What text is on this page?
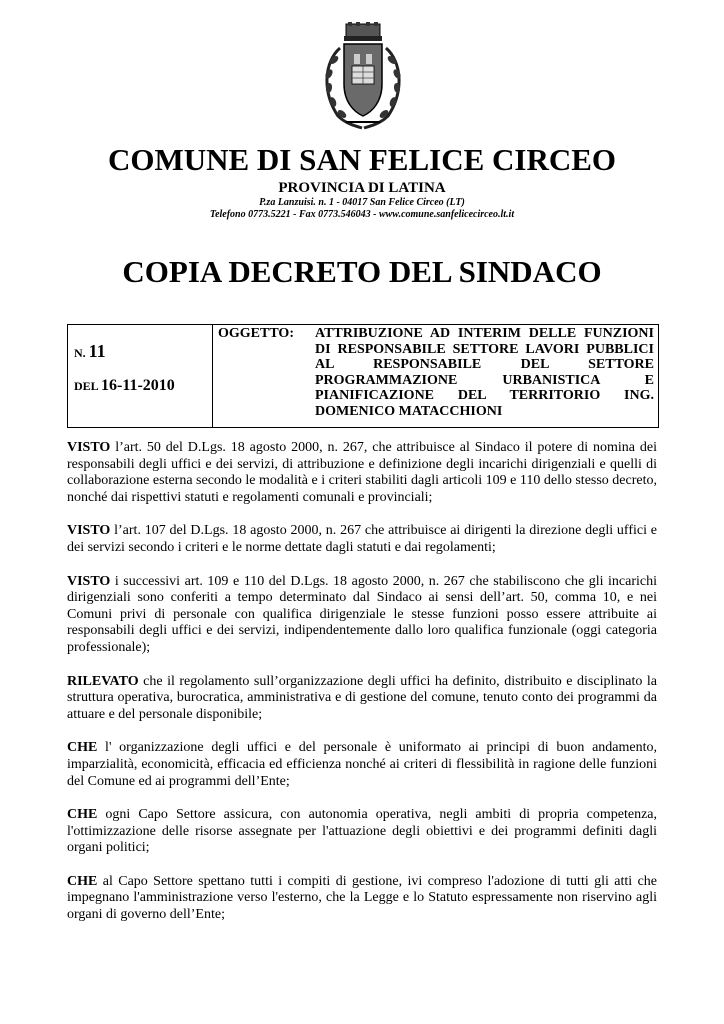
COMUNE DI SAN FELICE CIRCEO
PROVINCIA DI LATINA
P.za Lanzuisi. n. 1 - 04017 San Felice Circeo (LT)
Telefono 0773.5221 - Fax 0773.546043 - www.comune.sanfelicecirceo.lt.it
COPIA DECRETO DEL SINDACO
N. 11
DEL 16-11-2010
OGGETTO: ATTRIBUZIONE AD INTERIM DELLE FUNZIONI DI RESPONSABILE SETTORE LAVORI PUBBLICI AL RESPONSABILE DEL SETTORE PROGRAMMAZIONE URBANISTICA E PIANIFICAZIONE DEL TERRITORIO ING. DOMENICO MATACCHIONI

VISTO l’art. 50 del D.Lgs. 18 agosto 2000, n. 267, che attribuisce al Sindaco il potere di nomina dei responsabili degli uffici e dei servizi, di attribuzione e definizione degli incarichi dirigenziali e quelli di collaborazione esterna secondo le modalità e i criteri stabiliti dagli articoli 109 e 110 dello stesso decreto, nonché dai rispettivi statuti e regolamenti comunali e provinciali;

VISTO l’art. 107 del D.Lgs. 18 agosto 2000, n. 267 che attribuisce ai dirigenti la direzione degli uffici e dei servizi secondo i criteri e le norme dettate dagli statuti e dai regolamenti;

VISTO i successivi art. 109 e 110 del D.Lgs. 18 agosto 2000, n. 267 che stabiliscono che gli incarichi dirigenziali sono conferiti a tempo determinato dal Sindaco ai sensi dell’art. 50, comma 10, e nei Comuni privi di personale con qualifica dirigenziale le stesse funzioni posso essere attribuite ai responsabili degli uffici e dei servizi, indipendentemente dallo loro qualifica funzionale (oggi categoria professionale);

RILEVATO che il regolamento sull’organizzazione degli uffici ha definito, distribuito e disciplinato la struttura operativa, burocratica, amministrativa e di gestione del comune, tenuto conto dei programmi da attuare e del personale disponibile;

CHE l' organizzazione degli uffici e del personale è uniformato ai principi di buon andamento, imparzialità, economicità, efficacia ed efficienza nonché ai criteri di flessibilità in ragione delle funzioni del Comune ed ai programmi dell’Ente;

CHE ogni Capo Settore assicura, con autonomia operativa, negli ambiti di propria competenza, l'ottimizzazione delle risorse assegnate per l'attuazione degli obiettivi e dei programmi definiti dagli organi politici;

CHE al Capo Settore spettano tutti i compiti di gestione, ivi compreso l'adozione di tutti gli atti che impegnano l'amministrazione verso l'esterno, che la Legge e lo Statuto espressamente non riservino agli organi di governo dell’Ente;
